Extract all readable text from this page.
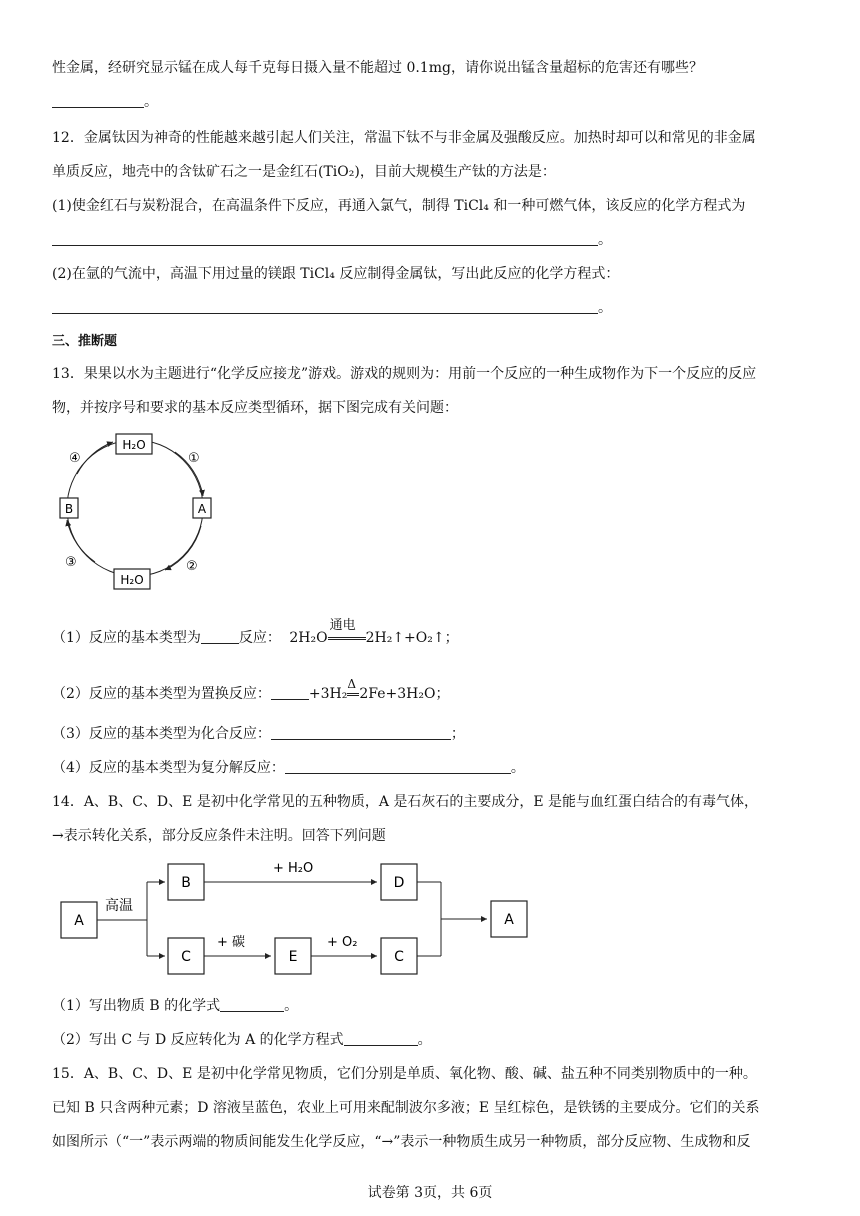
性金属，经研究显示锰在成人每千克每日摄入量不能超过 0.1mg，请你说出锰含量超标的危害还有哪些？
。
12．金属钛因为神奇的性能越来越引起人们关注，常温下钛不与非金属及强酸反应。加热时却可以和常见的非金属
单质反应，地壳中的含钛矿石之一是金红石(TiO₂)，目前大规模生产钛的方法是：
(1)使金红石与炭粉混合，在高温条件下反应，再通入氯气，制得 TiCl₄ 和一种可燃气体，该反应的化学方程式为
。
(2)在氩的气流中，高温下用过量的镁跟 TiCl₄ 反应制得金属钛，写出此反应的化学方程式：
。
三、推断题
13．果果以水为主题进行“化学反应接龙”游戏。游戏的规则为：用前一个反应的一种生成物作为下一个反应的反应
物，并按序号和要求的基本反应类型循环，据下图完成有关问题：
H₂O
A
B
H₂O
①
②
③
④
（1）反应的基本类型为	反应： 2H₂O
通电
2H₂↑+O₂↑；
（2）反应的基本类型为置换反应：	+3H₂
Δ
2Fe+3H₂O；
（3）反应的基本类型为化合反应：	；
（4）反应的基本类型为复分解反应：	。
14．A、B、C、D、E 是初中化学常见的五种物质，A 是石灰石的主要成分，E 是能与血红蛋白结合的有毒气体，
→表示转化关系，部分反应条件未注明。回答下列问题
A
高温
B
+ H₂O
D
C
+ 碳
E
+ O₂
C
A
（1）写出物质 B 的化学式	。
（2）写出 C 与 D 反应转化为 A 的化学方程式	。
15．A、B、C、D、E 是初中化学常见物质，它们分别是单质、氧化物、酸、碱、盐五种不同类别物质中的一种。
已知 B 只含两种元素；D 溶液呈蓝色，农业上可用来配制波尔多液；E 呈红棕色，是铁锈的主要成分。它们的关系
如图所示（“一”表示两端的物质间能发生化学反应，“→”表示一种物质生成另一种物质，部分反应物、生成物和反
试卷第 3页，共 6页
